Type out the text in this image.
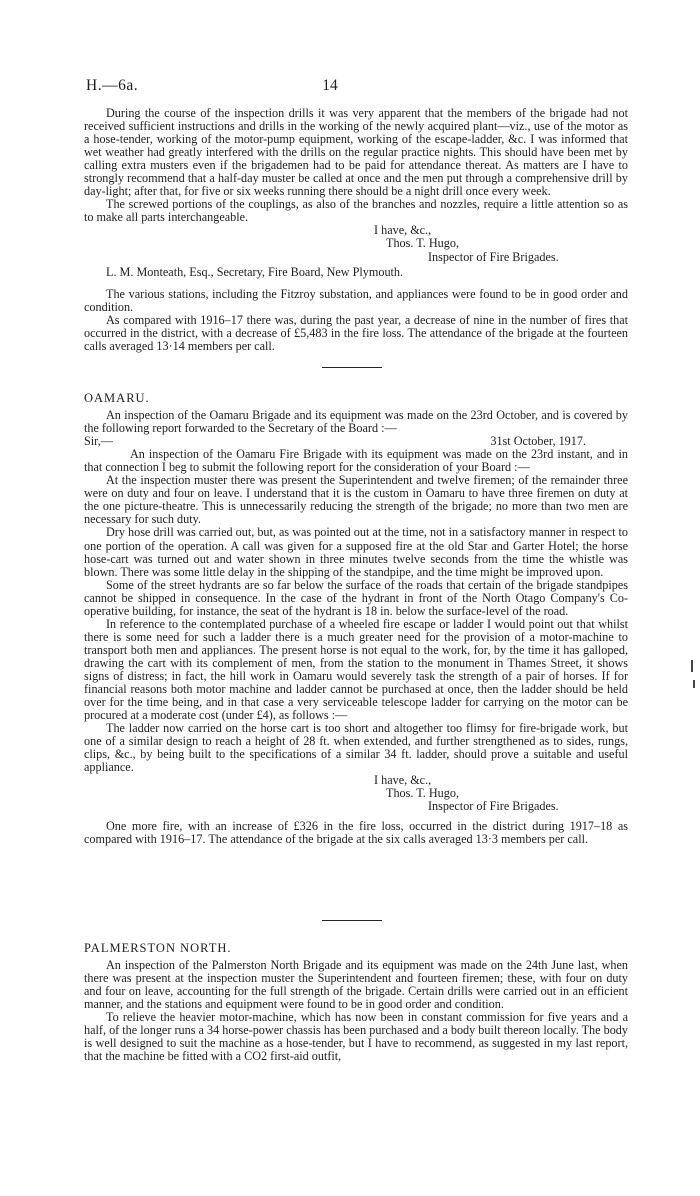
H.—6a.	14

During the course of the inspection drills it was very apparent that the members of the brigade had not received sufficient instructions and drills in the working of the newly acquired plant—viz., use of the motor as a hose-tender, working of the motor-pump equipment, working of the escape-ladder, &c. I was informed that wet weather had greatly interfered with the drills on the regular practice nights. This should have been met by calling extra musters even if the brigademen had to be paid for attendance thereat. As matters are I have to strongly recommend that a half-day muster be called at once and the men put through a comprehensive drill by day-light; after that, for five or six weeks running there should be a night drill once every week.

The screwed portions of the couplings, as also of the branches and nozzles, require a little attention so as to make all parts interchangeable.

I have, &c.,

Thos. T. Hugo,

Inspector of Fire Brigades.

L. M. Monteath, Esq., Secretary, Fire Board, New Plymouth.

The various stations, including the Fitzroy substation, and appliances were found to be in good order and condition.

As compared with 1916–17 there was, during the past year, a decrease of nine in the number of fires that occurred in the district, with a decrease of £5,483 in the fire loss. The attendance of the brigade at the fourteen calls averaged 13·14 members per call.

OAMARU.

An inspection of the Oamaru Brigade and its equipment was made on the 23rd October, and is covered by the following report forwarded to the Secretary of the Board :—

Sir,—	31st October, 1917.

An inspection of the Oamaru Fire Brigade with its equipment was made on the 23rd instant, and in that connection I beg to submit the following report for the consideration of your Board :—

At the inspection muster there was present the Superintendent and twelve firemen; of the remainder three were on duty and four on leave. I understand that it is the custom in Oamaru to have three firemen on duty at the one picture-theatre. This is unnecessarily reducing the strength of the brigade; no more than two men are necessary for such duty.

Dry hose drill was carried out, but, as was pointed out at the time, not in a satisfactory manner in respect to one portion of the operation. A call was given for a supposed fire at the old Star and Garter Hotel; the horse hose-cart was turned out and water shown in three minutes twelve seconds from the time the whistle was blown. There was some little delay in the shipping of the standpipe, and the time might be improved upon.

Some of the street hydrants are so far below the surface of the roads that certain of the brigade standpipes cannot be shipped in consequence. In the case of the hydrant in front of the North Otago Company's Co-operative building, for instance, the seat of the hydrant is 18 in. below the surface-level of the road.

In reference to the contemplated purchase of a wheeled fire escape or ladder I would point out that whilst there is some need for such a ladder there is a much greater need for the provision of a motor-machine to transport both men and appliances. The present horse is not equal to the work, for, by the time it has galloped, drawing the cart with its complement of men, from the station to the monument in Thames Street, it shows signs of distress; in fact, the hill work in Oamaru would severely task the strength of a pair of horses. If for financial reasons both motor machine and ladder cannot be purchased at once, then the ladder should be held over for the time being, and in that case a very serviceable telescope ladder for carrying on the motor can be procured at a moderate cost (under £4), as follows :—

The ladder now carried on the horse cart is too short and altogether too flimsy for fire-brigade work, but one of a similar design to reach a height of 28 ft. when extended, and further strengthened as to sides, rungs, clips, &c., by being built to the specifications of a similar 34 ft. ladder, should prove a suitable and useful appliance.

I have, &c.,

Thos. T. Hugo,

Inspector of Fire Brigades.

One more fire, with an increase of £326 in the fire loss, occurred in the district during 1917–18 as compared with 1916–17. The attendance of the brigade at the six calls averaged 13·3 members per call.

PALMERSTON NORTH.

An inspection of the Palmerston North Brigade and its equipment was made on the 24th June last, when there was present at the inspection muster the Superintendent and fourteen firemen; these, with four on duty and four on leave, accounting for the full strength of the brigade. Certain drills were carried out in an efficient manner, and the stations and equipment were found to be in good order and condition.

To relieve the heavier motor-machine, which has now been in constant commission for five years and a half, of the longer runs a 34 horse-power chassis has been purchased and a body built thereon locally. The body is well designed to suit the machine as a hose-tender, but I have to recommend, as suggested in my last report, that the machine be fitted with a CO2 first-aid outfit,
